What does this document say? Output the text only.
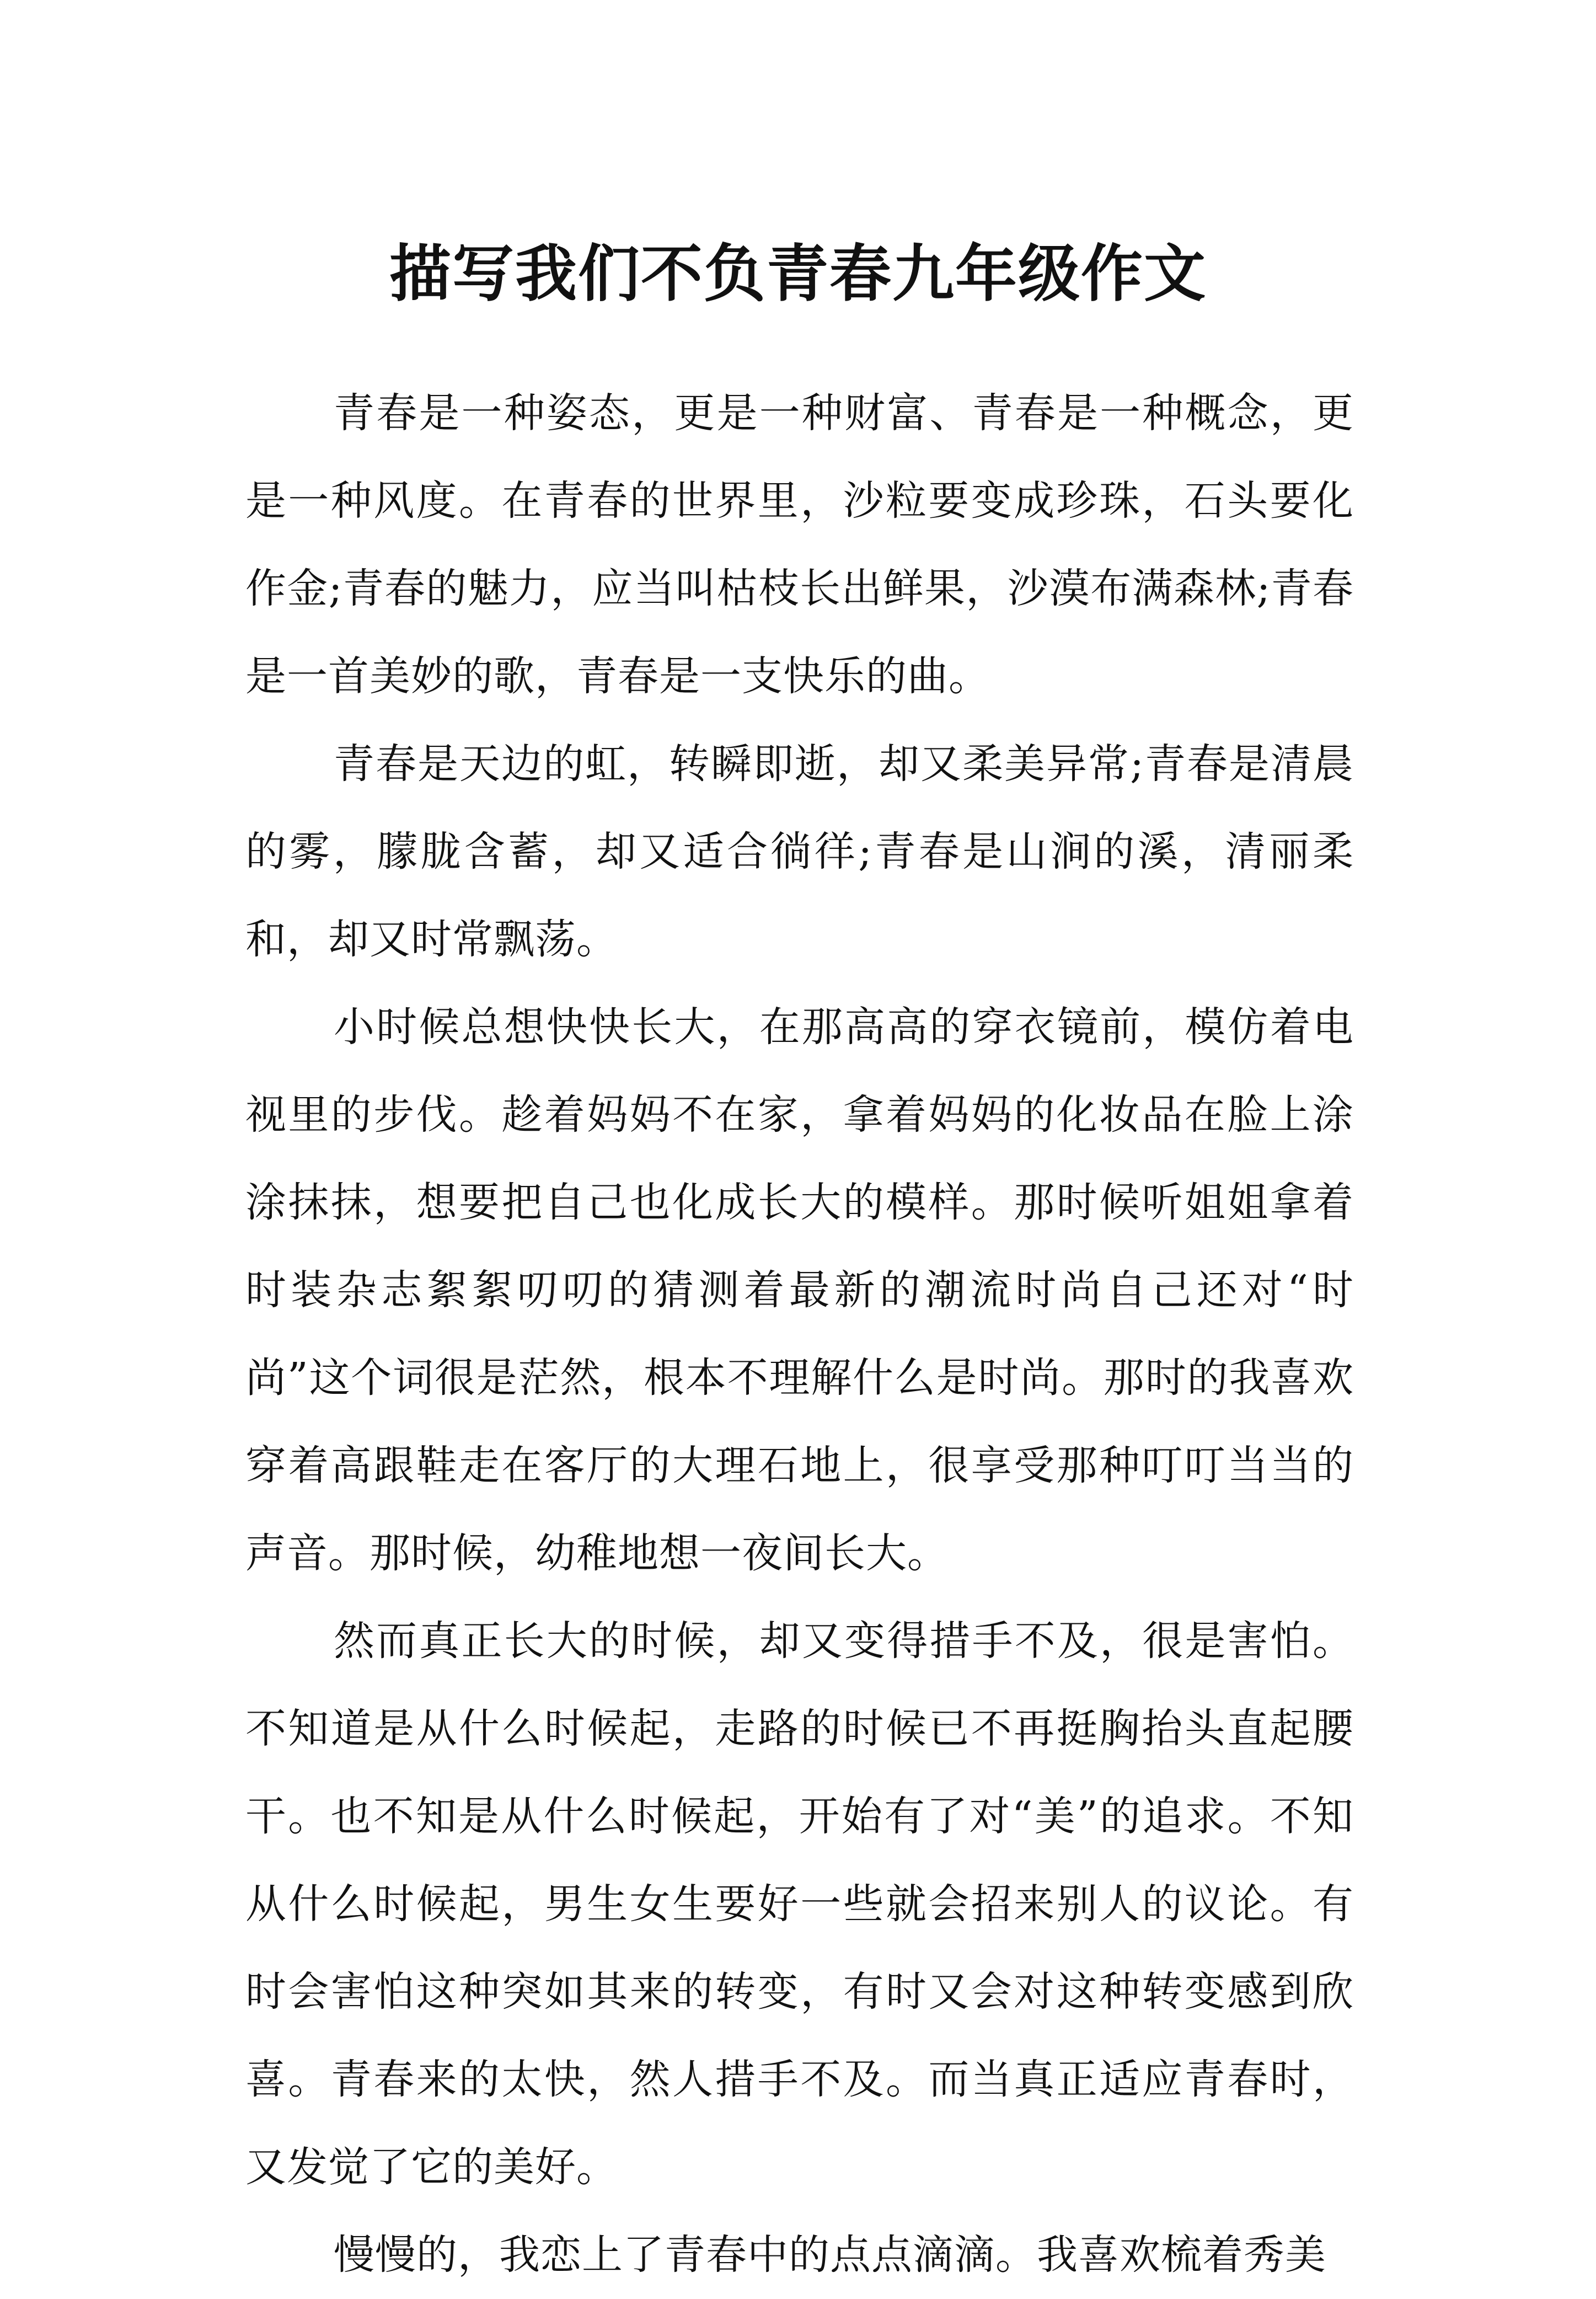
描写我们不负青春九年级作文

青春是一种姿态，更是一种财富、青春是一种概念，更是一种风度。在青春的世界里，沙粒要变成珍珠，石头要化作金;青春的魅力，应当叫枯枝长出鲜果，沙漠布满森林;青春是一首美妙的歌，青春是一支快乐的曲。

青春是天边的虹，转瞬即逝，却又柔美异常;青春是清晨的雾，朦胧含蓄，却又适合徜徉;青春是山涧的溪，清丽柔和，却又时常飘荡。

小时候总想快快长大，在那高高的穿衣镜前，模仿着电视里的步伐。趁着妈妈不在家，拿着妈妈的化妆品在脸上涂涂抹抹，想要把自己也化成长大的模样。那时候听姐姐拿着时装杂志絮絮叨叨的猜测着最新的潮流时尚自己还对“时尚”这个词很是茫然，根本不理解什么是时尚。那时的我喜欢穿着高跟鞋走在客厅的大理石地上，很享受那种叮叮当当的声音。那时候，幼稚地想一夜间长大。

然而真正长大的时候，却又变得措手不及，很是害怕。不知道是从什么时候起，走路的时候已不再挺胸抬头直起腰干。也不知是从什么时候起，开始有了对“美”的追求。不知从什么时候起，男生女生要好一些就会招来别人的议论。有时会害怕这种突如其来的转变，有时又会对这种转变感到欣喜。青春来的太快，然人措手不及。而当真正适应青春时，又发觉了它的美好。

慢慢的，我恋上了青春中的点点滴滴。我喜欢梳着秀美
